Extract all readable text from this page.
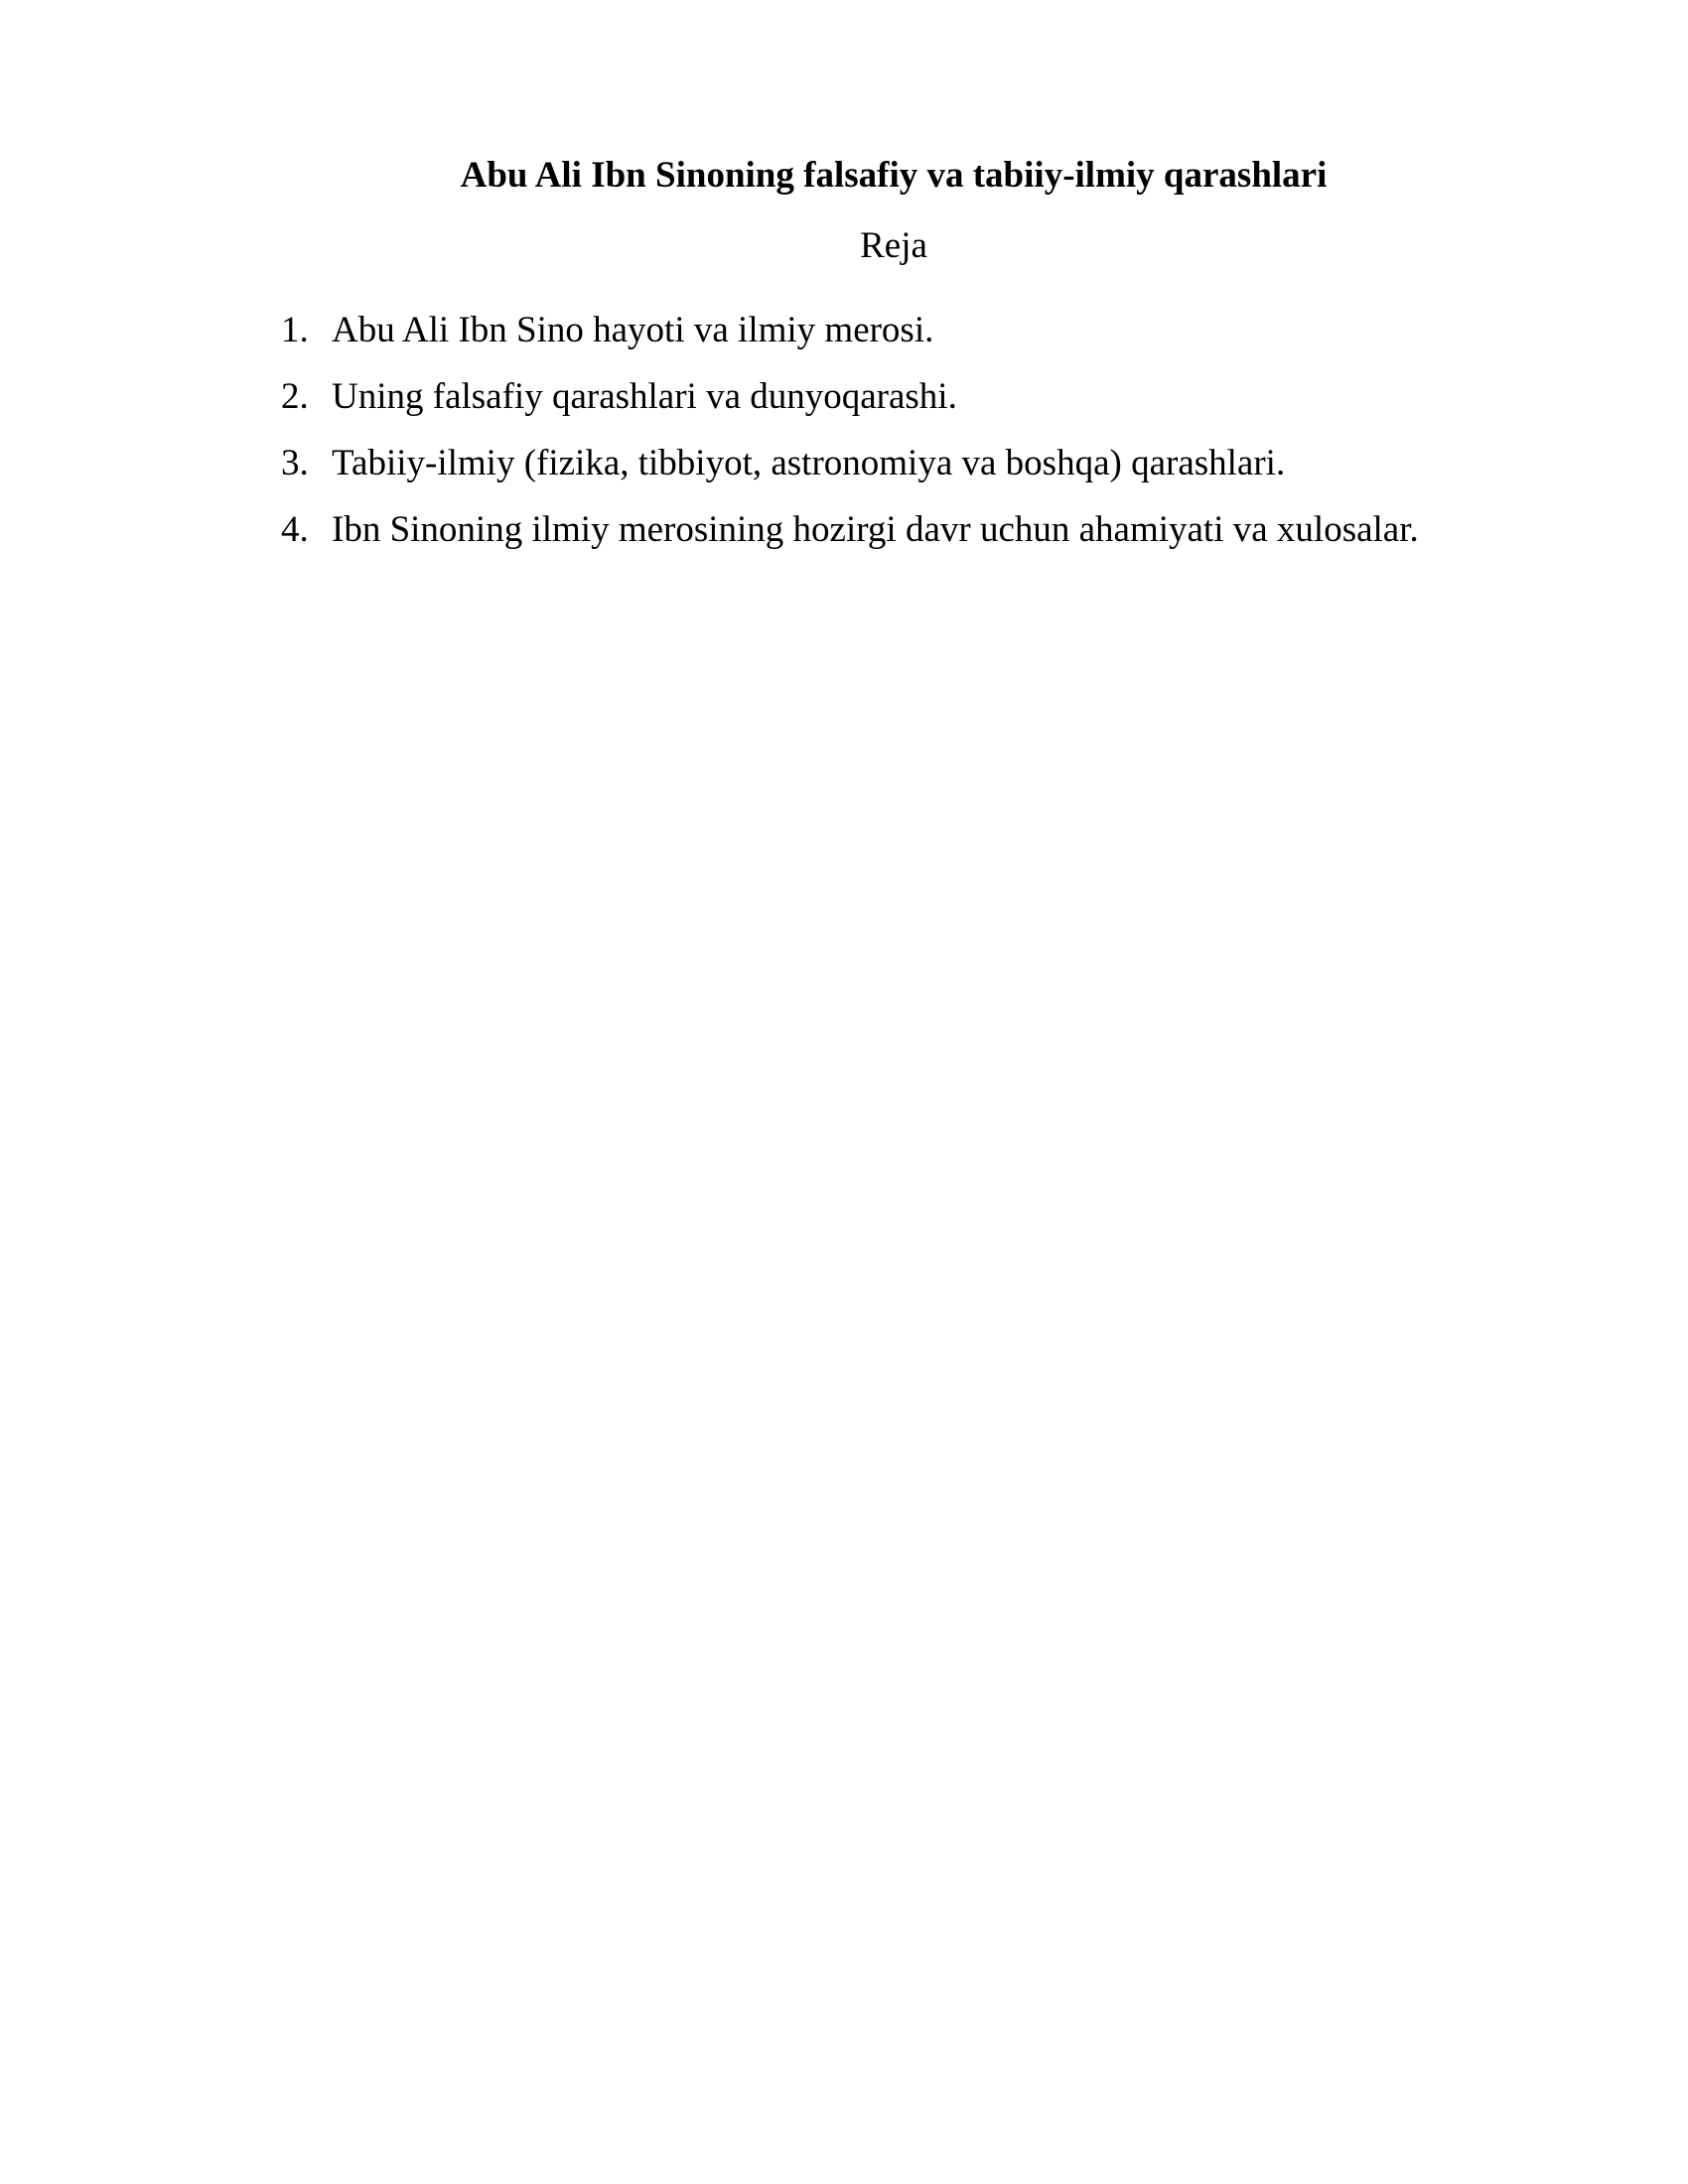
Abu Ali Ibn Sinoning falsafiy va tabiiy-ilmiy qarashlari
Reja
1. Abu Ali Ibn Sino hayoti va ilmiy merosi.
2. Uning falsafiy qarashlari va dunyoqarashi.
3. Tabiiy-ilmiy (fizika, tibbiyot, astronomiya va boshqa) qarashlari.
4. Ibn Sinoning ilmiy merosining hozirgi davr uchun ahamiyati va xulosalar.
